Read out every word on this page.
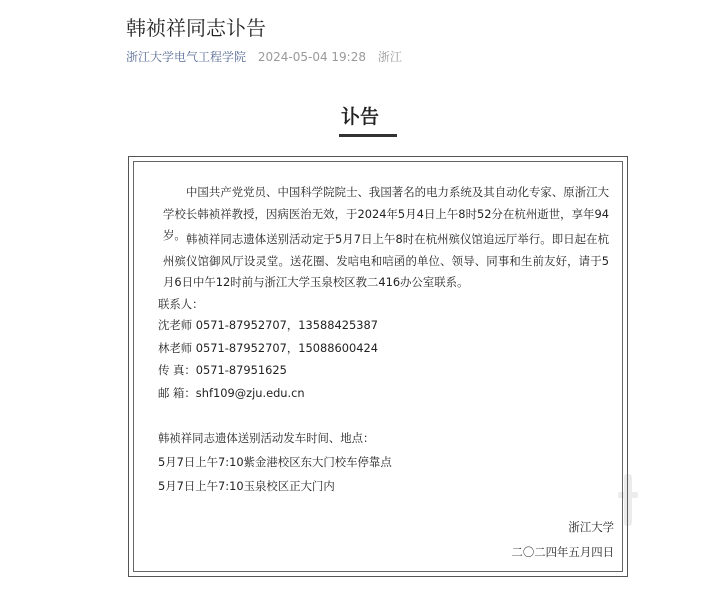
韩祯祥同志讣告
浙江大学电气工程学院 2024-05-04 19:28 浙江
讣告

中国共产党党员、中国科学院院士、我国著名的电力系统及其自动化专家、原浙江大学校长韩祯祥教授，因病医治无效，于2024年5月4日上午8时52分在杭州逝世，享年94岁。 韩祯祥同志遗体送别活动定于5月7日上午8时在杭州殡仪馆追远厅举行。即日起在杭州殡仪馆御风厅设灵堂。送花圈、发唁电和唁函的单位、领导、同事和生前友好，请于5月6日中午12时前与浙江大学玉泉校区教二416办公室联系。

联系人：
沈老师 0571-87952707，13588425387
林老师 0571-87952707，15088600424
传 真：0571-87951625
邮 箱：shf109@zju.edu.cn
韩祯祥同志遗体送别活动发车时间、地点：
5月7日上午7:10紫金港校区东大门校车停靠点
5月7日上午7:10玉泉校区正大门内
浙江大学
二〇二四年五月四日
